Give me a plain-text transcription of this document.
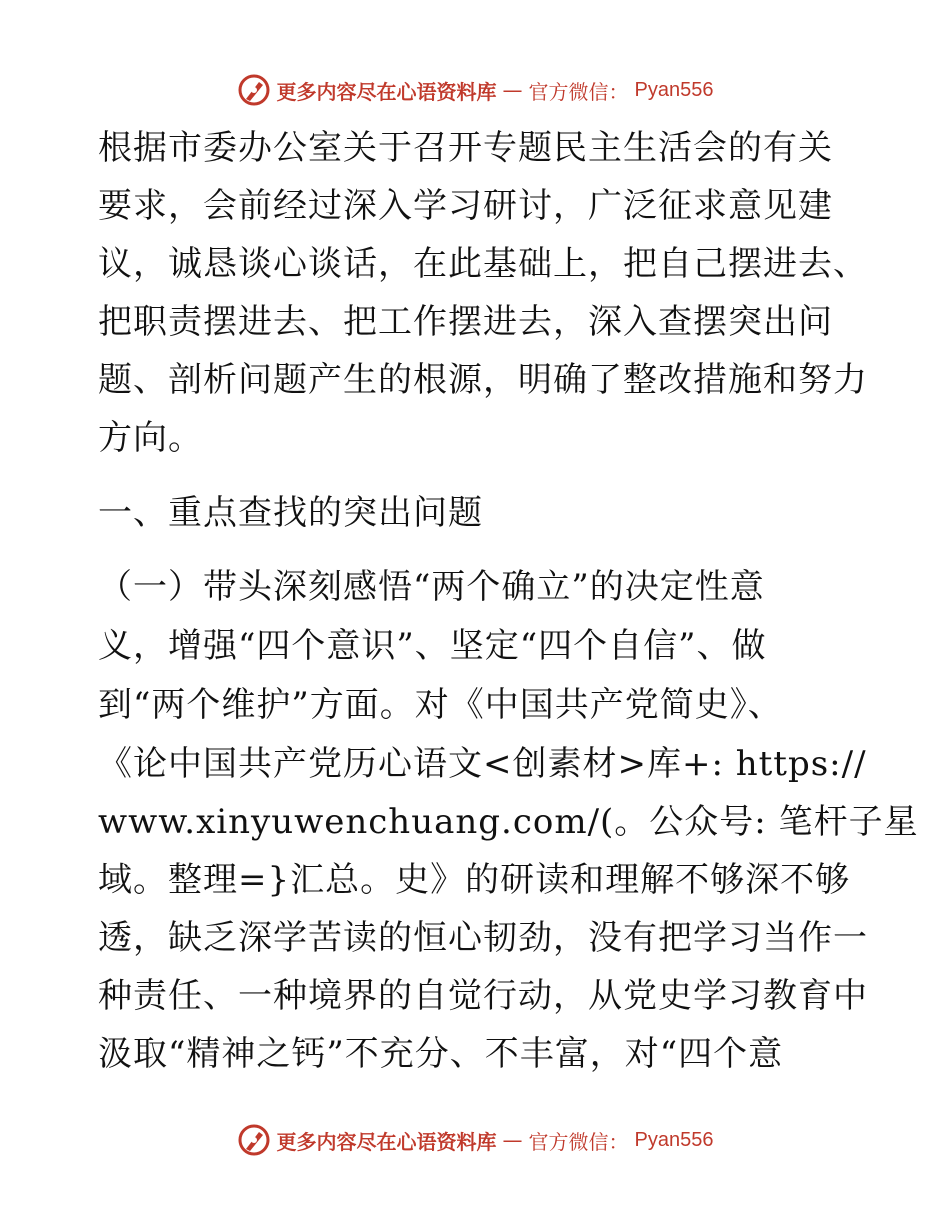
更多内容尽在心语资料库 — 官方微信： Pyan556
根据市委办公室关于召开专题民主生活会的有关
要求，会前经过深入学习研讨，广泛征求意见建
议，诚恳谈心谈话，在此基础上，把自己摆进去、
把职责摆进去、把工作摆进去，深入查摆突出问
题、剖析问题产生的根源，明确了整改措施和努力
方向。
一、重点查找的突出问题
（一）带头深刻感悟“两个确立”的决定性意
义，增强“四个意识”、坚定“四个自信”、做
到“两个维护”方面。对《中国共产党简史》、
《论中国共产党历心语文<创素材>库+: https://
www.xinyuwenchuang.com/(。公众号: 笔杆子星
域。整理=}汇总。史》的研读和理解不够深不够
透，缺乏深学苦读的恒心韧劲，没有把学习当作一
种责任、一种境界的自觉行动，从党史学习教育中
汲取“精神之钙”不充分、不丰富，对“四个意
更多内容尽在心语资料库 — 官方微信： Pyan556
